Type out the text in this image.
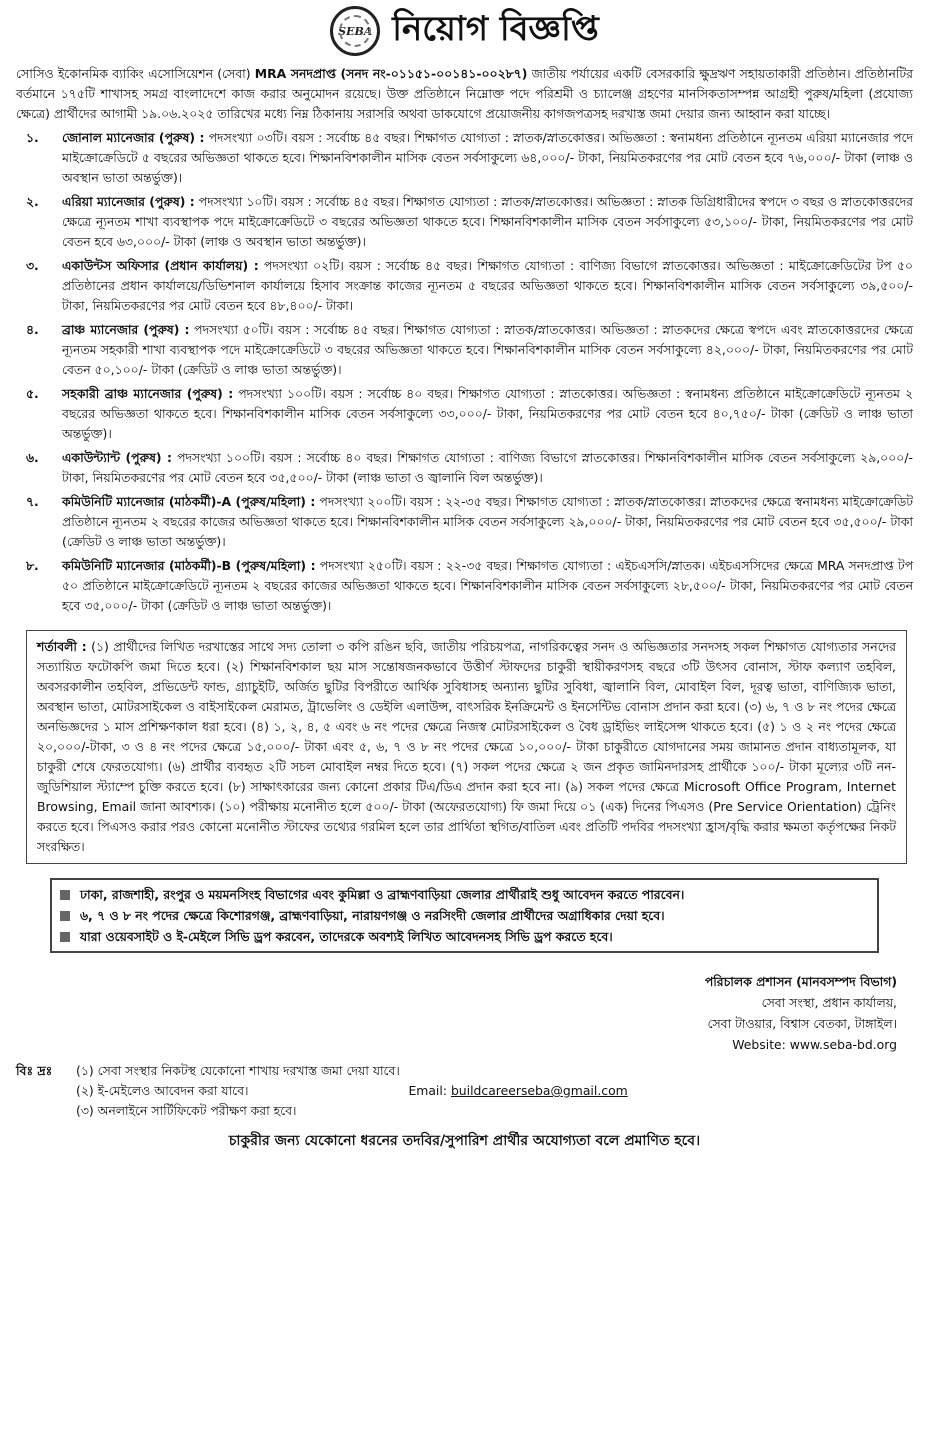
SEBA নিয়োগ বিজ্ঞপ্তি
সোসিও ইকোনমিক ব্যাকিং এসোসিয়েশন (সেবা) MRA সনদপ্রাপ্ত (সনদ নং-০১১৫১-০০১৪১-০০২৮৭) জাতীয় পর্যায়ের একটি বেসরকারি ক্ষুদ্রঋণ সহায়তাকারী প্রতিষ্ঠান। প্রতিষ্ঠানটির বর্তমানে ১৭৫টি শাখাসহ সমগ্র বাংলাদেশে কাজ করার অনুমোদন রয়েছে। উক্ত প্রতিষ্ঠানে নিম্নোক্ত পদে পরিশ্রমী ও চ্যালেঞ্জ গ্রহণের মানসিকতাসম্পন্ন আগ্রহী পুরুষ/মহিলা (প্রযোজ্য ক্ষেত্রে) প্রার্থীদের আগামী ১৯.০৬.২০২৫ তারিখের মধ্যে নিম্ন ঠিকানায় সরাসরি অথবা ডাকযোগে প্রয়োজনীয় কাগজপত্রসহ দরখাস্ত জমা দেয়ার জন্য আহ্বান করা যাচ্ছে।
১.	জোনাল ম্যানেজার (পুরুষ) : পদসংখ্যা ০৩টি। বয়স : সর্বোচ্চ ৪৫ বছর। শিক্ষাগত যোগ্যতা : স্নাতক/স্নাতকোত্তর। অভিজ্ঞতা : স্বনামধন্য প্রতিষ্ঠানে ন্যূনতম এরিয়া ম্যানেজার পদে মাইক্রোক্রেডিটে ৫ বছরের অভিজ্ঞতা থাকতে হবে। শিক্ষানবিশকালীন মাসিক বেতন সর্বসাকুল্যে ৬৪,০০০/- টাকা, নিয়মিতকরণের পর মোট বেতন হবে ৭৬,০০০/- টাকা (লাঞ্চ ও অবস্থান ভাতা অন্তর্ভুক্ত)।
২.	এরিয়া ম্যানেজার (পুরুষ) : পদসংখ্যা ১০টি। বয়স : সর্বোচ্চ ৪৫ বছর। শিক্ষাগত যোগ্যতা : স্নাতক/স্নাতকোত্তর। অভিজ্ঞতা : স্নাতক ডিগ্রিধারীদের স্বপদে ৩ বছর ও স্নাতকোত্তরদের ক্ষেত্রে ন্যূনতম শাখা ব্যবস্থাপক পদে মাইক্রোক্রেডিটে ৩ বছরের অভিজ্ঞতা থাকতে হবে। শিক্ষানবিশকালীন মাসিক বেতন সর্বসাকুল্যে ৫৩,১০০/- টাকা, নিয়মিতকরণের পর মোট বেতন হবে ৬৩,০০০/- টাকা (লাঞ্চ ও অবস্থান ভাতা অন্তর্ভুক্ত)।
৩.	একাউন্টস অফিসার (প্রধান কার্যালয়) : পদসংখ্যা ০২টি। বয়স : সর্বোচ্চ ৪৫ বছর। শিক্ষাগত যোগ্যতা : বাণিজ্য বিভাগে স্নাতকোত্তর। অভিজ্ঞতা : মাইক্রোক্রেডিটের টপ ৫০ প্রতিষ্ঠানের প্রধান কার্যালয়ে/ডিভিশনাল কার্যালয়ে হিসাব সংক্রান্ত কাজের ন্যূনতম ৫ বছরের অভিজ্ঞতা থাকতে হবে। শিক্ষানবিশকালীন মাসিক বেতন সর্বসাকুল্যে ৩৯,৫০০/- টাকা, নিয়মিতকরণের পর মোট বেতন হবে ৪৮,৪০০/- টাকা।
৪.	ব্রাঞ্চ ম্যানেজার (পুরুষ) : পদসংখ্যা ৫০টি। বয়স : সর্বোচ্চ ৪৫ বছর। শিক্ষাগত যোগ্যতা : স্নাতক/স্নাতকোত্তর। অভিজ্ঞতা : স্নাতকদের ক্ষেত্রে স্বপদে এবং স্নাতকোত্তরদের ক্ষেত্রে ন্যূনতম সহকারী শাখা ব্যবস্থাপক পদে মাইক্রোক্রেডিটে ৩ বছরের অভিজ্ঞতা থাকতে হবে। শিক্ষানবিশকালীন মাসিক বেতন সর্বসাকুল্যে ৪২,০০০/- টাকা, নিয়মিতকরণের পর মোট বেতন ৫০,১০০/- টাকা (ক্রেডিট ও লাঞ্চ ভাতা অন্তর্ভুক্ত)।
৫.	সহকারী ব্রাঞ্চ ম্যানেজার (পুরুষ) : পদসংখ্যা ১০০টি। বয়স : সর্বোচ্চ ৪০ বছর। শিক্ষাগত যোগ্যতা : স্নাতকোত্তর। অভিজ্ঞতা : স্বনামধন্য প্রতিষ্ঠানে মাইক্রোক্রেডিটে ন্যূনতম ২ বছরের অভিজ্ঞতা থাকতে হবে। শিক্ষানবিশকালীন মাসিক বেতন সর্বসাকুল্যে ৩৩,০০০/- টাকা, নিয়মিতকরণের পর মোট বেতন হবে ৪০,৭৫০/- টাকা (ক্রেডিট ও লাঞ্চ ভাতা অন্তর্ভুক্ত)।
৬.	একাউন্ট্যান্ট (পুরুষ) : পদসংখ্যা ১০০টি। বয়স : সর্বোচ্চ ৪০ বছর। শিক্ষাগত যোগ্যতা : বাণিজ্য বিভাগে স্নাতকোত্তর। শিক্ষানবিশকালীন মাসিক বেতন সর্বসাকুল্যে ২৯,০০০/- টাকা, নিয়মিতকরণের পর মোট বেতন হবে ৩৫,৫০০/- টাকা (লাঞ্চ ভাতা ও জ্বালানি বিল অন্তর্ভুক্ত)।
৭.	কমিউনিটি ম্যানেজার (মাঠকর্মী)-A (পুরুষ/মহিলা) : পদসংখ্যা ২০০টি। বয়স : ২২-৩৫ বছর। শিক্ষাগত যোগ্যতা : স্নাতক/স্নাতকোত্তর। স্নাতকদের ক্ষেত্রে স্বনামধন্য মাইক্রোক্রেডিট প্রতিষ্ঠানে ন্যূনতম ২ বছরের কাজের অভিজ্ঞতা থাকতে হবে। শিক্ষানবিশকালীন মাসিক বেতন সর্বসাকুল্যে ২৯,০০০/- টাকা, নিয়মিতকরণের পর মোট বেতন হবে ৩৫,৫০০/- টাকা (ক্রেডিট ও লাঞ্চ ভাতা অন্তর্ভুক্ত)।
৮.	কমিউনিটি ম্যানেজার (মাঠকর্মী)-B (পুরুষ/মহিলা) : পদসংখ্যা ২৫০টি। বয়স : ২২-৩৫ বছর। শিক্ষাগত যোগ্যতা : এইচএসসি/স্নাতক। এইচএসসিদের ক্ষেত্রে MRA সনদপ্রাপ্ত টপ ৫০ প্রতিষ্ঠানে মাইক্রোক্রেডিটে ন্যূনতম ২ বছরের কাজের অভিজ্ঞতা থাকতে হবে। শিক্ষানবিশকালীন মাসিক বেতন সর্বসাকুল্যে ২৮,৫০০/- টাকা, নিয়মিতকরণের পর মোট বেতন হবে ৩৫,০০০/- টাকা (ক্রেডিট ও লাঞ্চ ভাতা অন্তর্ভুক্ত)।
শর্তাবলী : (১) প্রার্থীদের লিখিত দরখাস্তের সাথে সদ্য তোলা ৩ কপি রঙিন ছবি, জাতীয় পরিচয়পত্র, নাগরিকত্বের সনদ ও অভিজ্ঞতার সনদসহ সকল শিক্ষাগত যোগ্যতার সনদের সত্যায়িত ফটোকপি জমা দিতে হবে। (২) শিক্ষানবিশকাল ছয় মাস সন্তোষজনকভাবে উত্তীর্ণ স্টাফদের চাকুরী স্থায়ীকরণসহ বছরে ৩টি উৎসব বোনাস, স্টাফ কল্যাণ তহবিল, অবসরকালীন তহবিল, প্রভিডেন্ট ফান্ড, গ্র্যাচুইটি, অর্জিত ছুটির বিপরীতে আর্থিক সুবিধাসহ অন্যান্য ছুটির সুবিধা, জ্বালানি বিল, মোবাইল বিল, দূরত্ব ভাতা, বাণিজ্যিক ভাতা, অবস্থান ভাতা, মোটরসাইকেল ও বাইসাইকেল মেরামত, ট্রাভেলিং ও ডেইলি এলাউন্স, বাৎসরিক ইনক্রিমেন্ট ও ইনসেন্টিভ বোনাস প্রদান করা হবে। (৩) ৬, ৭ ও ৮ নং পদের ক্ষেত্রে অনভিজ্ঞদের ১ মাস প্রশিক্ষণকাল ধরা হবে। (৪) ১, ২, ৪, ৫ এবং ৬ নং পদের ক্ষেত্রে নিজস্ব মোটরসাইকেল ও বৈধ ড্রাইভিং লাইসেন্স থাকতে হবে। (৫) ১ ও ২ নং পদের ক্ষেত্রে ২০,০০০/-টাকা, ৩ ও ৪ নং পদের ক্ষেত্রে ১৫,০০০/- টাকা এবং ৫, ৬, ৭ ও ৮ নং পদের ক্ষেত্রে ১০,০০০/- টাকা চাকুরীতে যোগদানের সময় জামানত প্রদান বাধ্যতামূলক, যা চাকুরী শেষে ফেরতযোগ্য। (৬) প্রার্থীর ব্যবহৃত ২টি সচল মোবাইল নম্বর দিতে হবে। (৭) সকল পদের ক্ষেত্রে ২ জন প্রকৃত জামিনদারসহ প্রার্থীকে ১০০/- টাকা মূল্যের ৩টি নন-জুডিশিয়াল স্ট্যাম্পে চুক্তি করতে হবে। (৮) সাক্ষাৎকারের জন্য কোনো প্রকার টিএ/ডিএ প্রদান করা হবে না। (৯) সকল পদের ক্ষেত্রে Microsoft Office Program, Internet Browsing, Email জানা আবশ্যক। (১০) পরীক্ষায় মনোনীত হলে ৫০০/- টাকা (অফেরতযোগ্য) ফি জমা দিয়ে ০১ (এক) দিনের পিএসও (Pre Service Orientation) ট্রেনিং করতে হবে। পিএসও করার পরও কোনো মনোনীত স্টাফের তথ্যের গরমিল হলে তার প্রার্থিতা স্থগিত/বাতিল এবং প্রতিটি পদবির পদসংখ্যা হ্রাস/বৃদ্ধি করার ক্ষমতা কর্তৃপক্ষের নিকট সংরক্ষিত।
ঢাকা, রাজশাহী, রংপুর ও ময়মনসিংহ বিভাগের এবং কুমিল্লা ও ব্রাহ্মণবাড়িয়া জেলার প্রার্থীরাই শুধু আবেদন করতে পারবেন।
৬, ৭ ও ৮ নং পদের ক্ষেত্রে কিশোরগঞ্জ, ব্রাহ্মণবাড়িয়া, নারায়ণগঞ্জ ও নরসিংদী জেলার প্রার্থীদের অগ্রাধিকার দেয়া হবে।
যারা ওয়েবসাইট ও ই-মেইলে সিভি ড্রপ করবেন, তাদেরকে অবশ্যই লিখিত আবেদনসহ সিভি ড্রপ করতে হবে।
পরিচালক প্রশাসন (মানবসম্পদ বিভাগ)
সেবা সংস্থা, প্রধান কার্যালয়,
সেবা টাওয়ার, বিশ্বাস বেতকা, টাঙ্গাইল।
Website: www.seba-bd.org
বিঃ দ্রঃ	(১) সেবা সংস্থার নিকটস্থ যেকোনো শাখায় দরখাস্ত জমা দেয়া যাবে।
(২) ই-মেইলেও আবেদন করা যাবে।	Email: buildcareerseba@gmail.com
(৩) অনলাইনে সার্টিফিকেট পরীক্ষণ করা হবে।
চাকুরীর জন্য যেকোনো ধরনের তদবির/সুপারিশ প্রার্থীর অযোগ্যতা বলে প্রমাণিত হবে।
